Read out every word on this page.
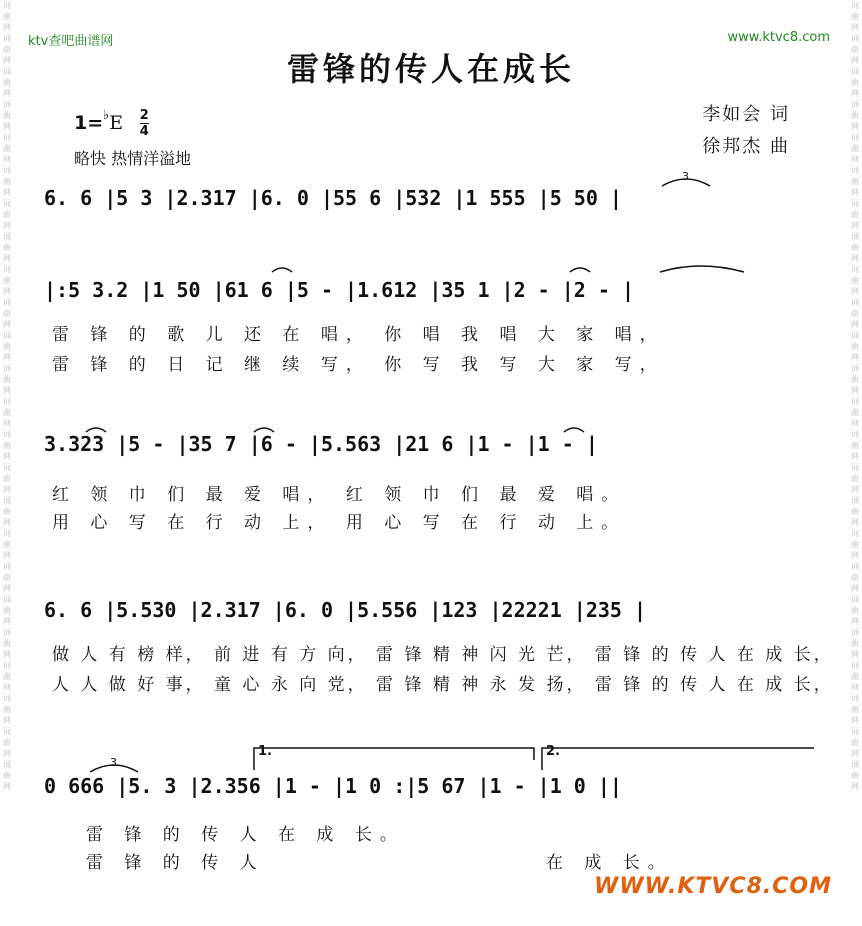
词曲网词曲网词曲网词曲网词曲网词曲网词曲网词曲网词曲网词曲网词曲网词曲网词曲网词曲网词曲网词曲网词曲网词曲网词曲网词曲网词曲网词曲网词曲网词曲网
词曲网词曲网词曲网词曲网词曲网词曲网词曲网词曲网词曲网词曲网词曲网词曲网词曲网词曲网词曲网词曲网词曲网词曲网词曲网词曲网词曲网词曲网词曲网词曲网
ktv查吧曲谱网	www.ktvc8.com
雷锋的传人在成长
$1=^♭E \frac{2}{4}$
略快 热情洋溢地
李如会 词
徐邦杰 曲
6. 6 |5 3 |2.317 |6. 0 |55 6 |532 |1 555 |5 50 |
|:5 3.2 |1 50 |61 6 |5 - |1.612 |35 1 |2 - |2 - |
雷 锋 的 歌 儿 还 在 唱， 你 唱 我 唱 大 家 唱，
雷 锋 的 日 记 继 续 写， 你 写 我 写 大 家 写，
3.323 |5 - |35 7 |6 - |5.563 |21 6 |1 - |1 - |
红 领 巾 们 最 爱 唱， 红 领 巾 们 最 爱 唱。
用 心 写 在 行 动 上， 用 心 写 在 行 动 上。
6. 6 |5.530 |2.317 |6. 0 |5.556 |123 |22221 |235 |
做 人 有 榜 样， 前 进 有 方 向， 雷 锋 精 神 闪 光 芒， 雷 锋 的 传 人 在 成 长，
人 人 做 好 事， 童 心 永 向 党， 雷 锋 精 神 永 发 扬， 雷 锋 的 传 人 在 成 长，
1.	2.
0 666 |5. 3 |2.356 |1 - |1 0 :|5 67 |1 - |1 0 ||
雷 锋 的 传 人 在 成 长。
雷 锋 的 传 人	在 成 长。
3
3
WWW.KTVC8.COM
